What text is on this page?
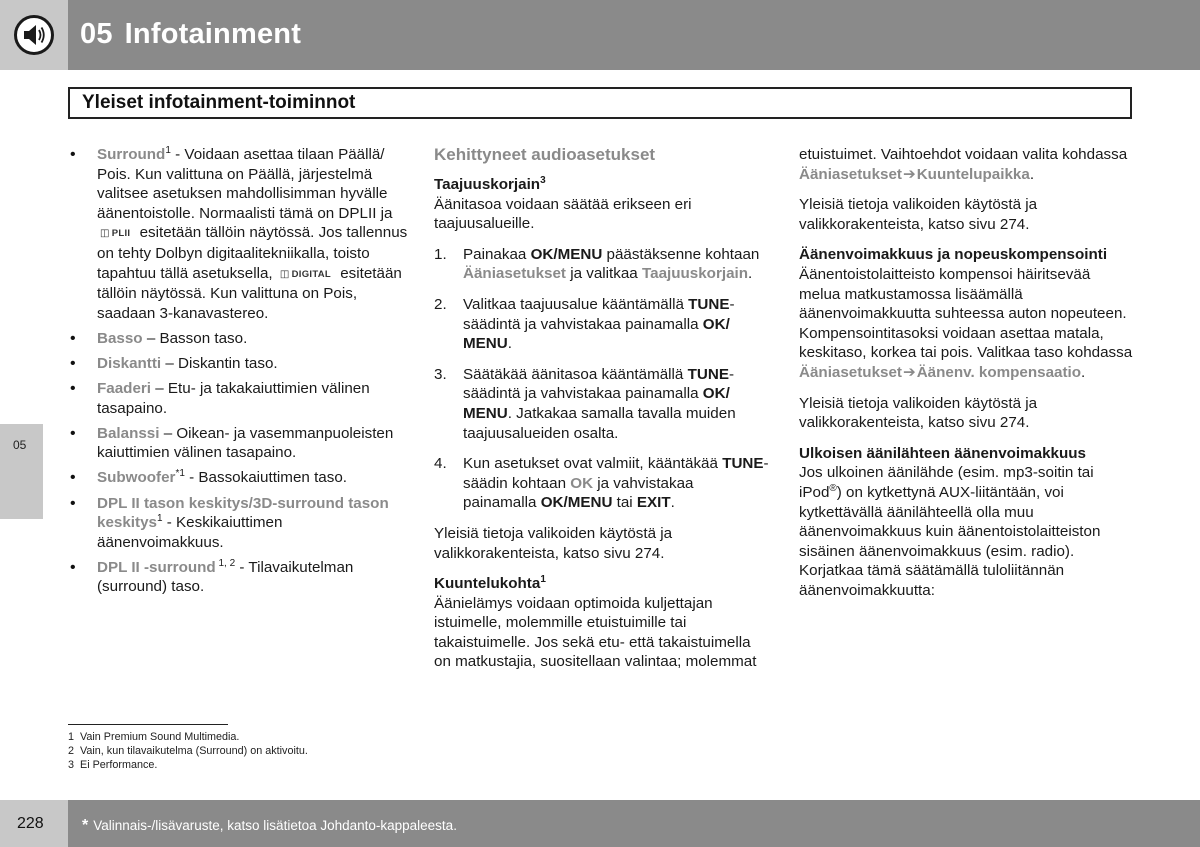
05 Infotainment
Yleiset infotainment-toiminnot
05
• Surround$^1$ - Voidaan asettaa tilaan Päällä/ Pois. Kun valittuna on Päällä, järjestelmä valitsee asetuksen mahdollisimman hyvälle äänentoistolle. Normaalisti tämä on DPLII ja ◫ PLII esitetään tällöin näytössä. Jos tallennus on tehty Dolbyn digitaalitekniikalla, toisto tapahtuu tällä asetuksella, ◫ DIGITAL esitetään tällöin näytössä. Kun valittuna on Pois, saadaan 3-kanavastereo.
• Basso – Basson taso.
• Diskantti – Diskantin taso.
• Faaderi – Etu- ja takakaiuttimien välinen tasapaino.
• Balanssi – Oikean- ja vasemmanpuoleisten kaiuttimien välinen tasapaino.
• Subwoofer$^{*1}$ - Bassokaiuttimen taso.
• DPL II tason keskitys/3D-surround tason keskitys$^1$ - Keskikaiuttimen äänenvoimakkuus.
• DPL II -surround $^{1, 2}$ - Tilavaikutelman (surround) taso.
Kehittyneet audioasetukset
Taajuuskorjain$^3$

Äänitasoa voidaan säätää erikseen eri taajuusalueille.

1. Painakaa OK/MENU päästäksenne kohtaan Ääniasetukset ja valitkaa Taajuuskorjain.
2. Valitkaa taajuusalue kääntämällä TUNE-säädintä ja vahvistakaa painamalla OK/ MENU.
3. Säätäkää äänitasoa kääntämällä TUNE-säädintä ja vahvistakaa painamalla OK/ MENU. Jatkakaa samalla tavalla muiden taajuusalueiden osalta.
4. Kun asetukset ovat valmiit, kääntäkää TUNE-säädin kohtaan OK ja vahvistakaa painamalla OK/MENU tai EXIT.

Yleisiä tietoja valikoiden käytöstä ja valikkorakenteista, katso sivu 274.

Kuuntelukohta$^1$

Äänielämys voidaan optimoida kuljettajan istuimelle, molemmille etuistuimille tai takaistuimelle. Jos sekä etu- että takaistuimella on matkustajia, suositellaan valintaa; molemmat

etuistuimet. Vaihtoehdot voidaan valita kohdassa Ääniasetukset➔Kuuntelupaikka.

Yleisiä tietoja valikoiden käytöstä ja valikkorakenteista, katso sivu 274.

Äänenvoimakkuus ja nopeuskompensointi

Äänentoistolaitteisto kompensoi häiritsevää melua matkustamossa lisäämällä äänenvoimakkuutta suhteessa auton nopeuteen. Kompensointitasoksi voidaan asettaa matala, keskitaso, korkea tai pois. Valitkaa taso kohdassa Ääniasetukset➔Äänenv. kompensaatio.

Yleisiä tietoja valikoiden käytöstä ja valikkorakenteista, katso sivu 274.

Ulkoisen äänilähteen äänenvoimakkuus

Jos ulkoinen äänilähde (esim. mp3-soitin tai iPod®) on kytkettynä AUX-liitäntään, voi kytkettävällä äänilähteellä olla muu äänenvoimakkuus kuin äänentoistolaitteiston sisäinen äänenvoimakkuus (esim. radio). Korjatkaa tämä säätämällä tuloliitännän äänenvoimakkuutta:

1 Vain Premium Sound Multimedia.
2 Vain, kun tilavaikutelma (Surround) on aktivoitu.
3 Ei Performance.
228 * Valinnais-/lisävaruste, katso lisätietoa Johdanto-kappaleesta.
